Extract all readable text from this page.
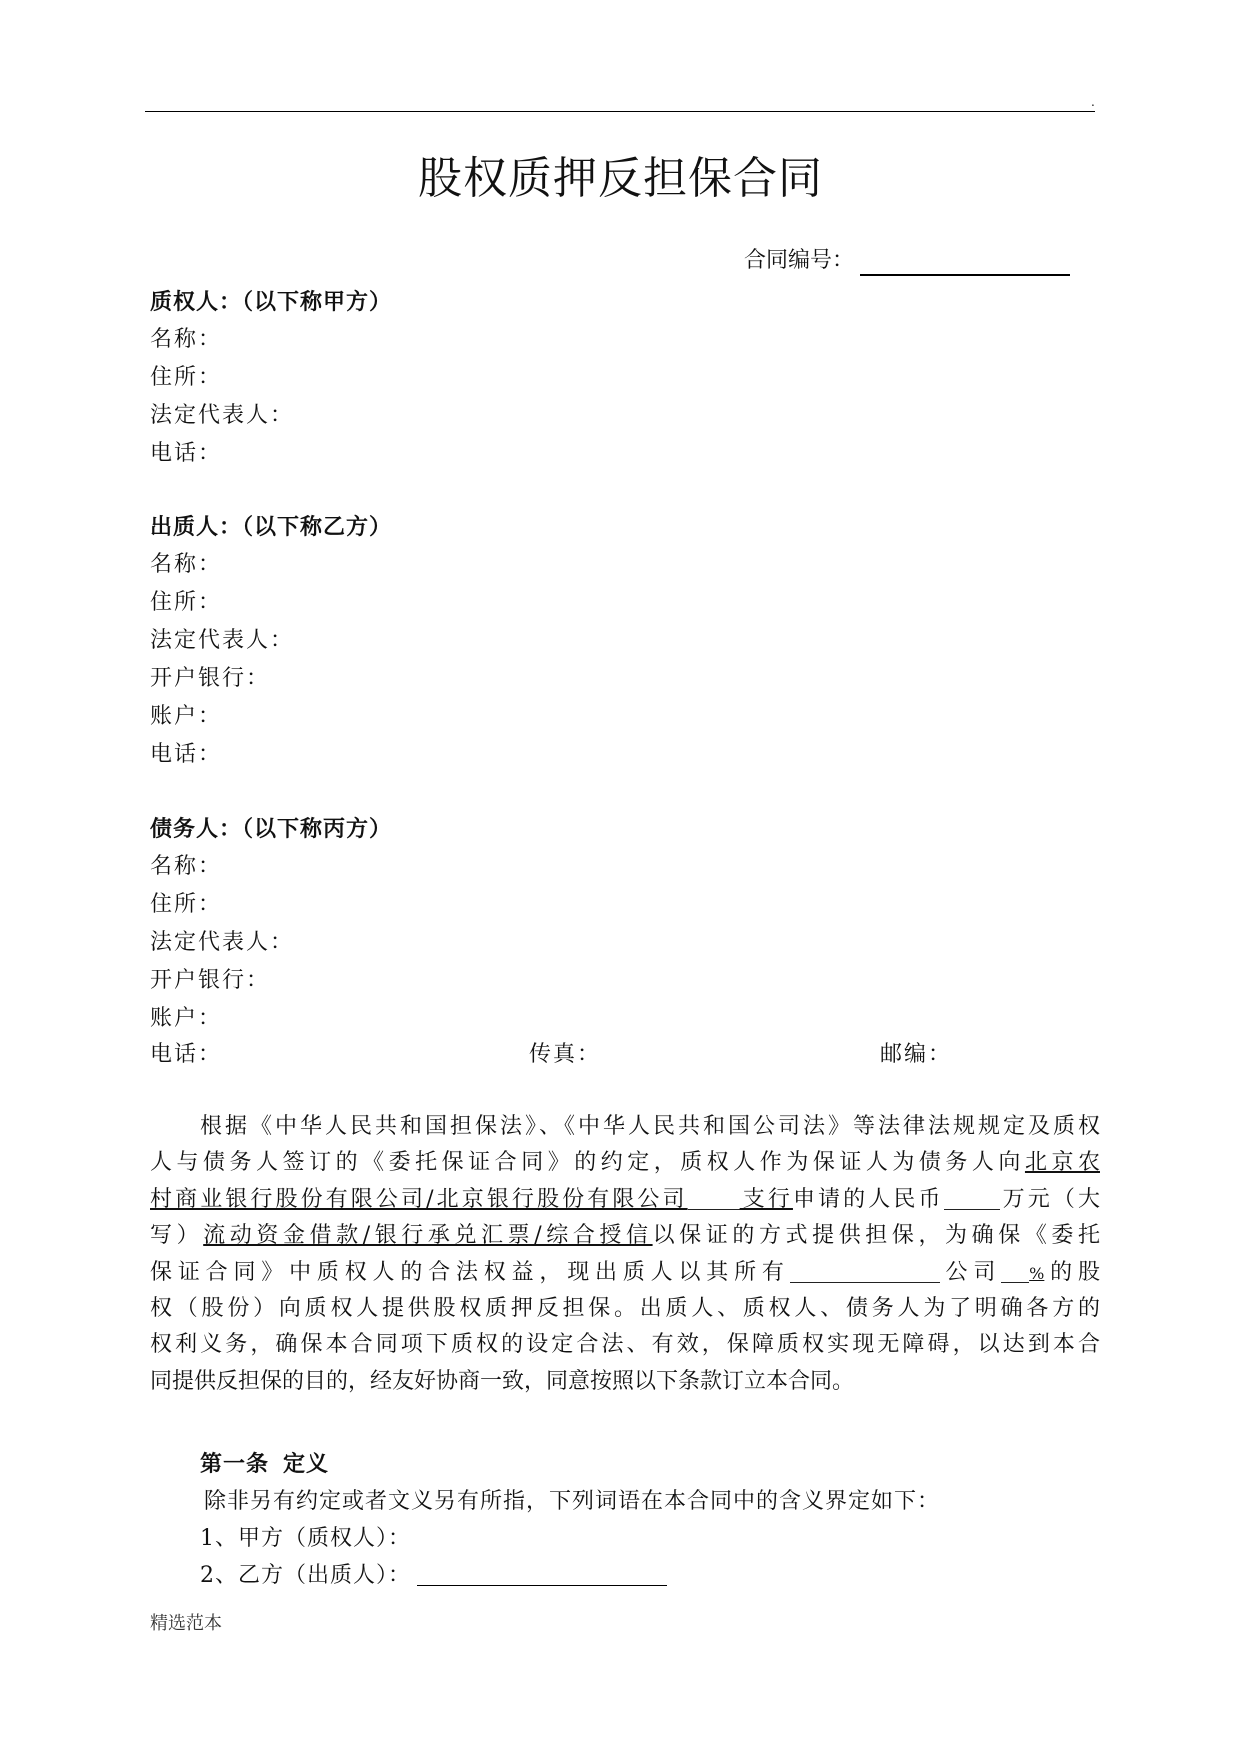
.
股权质押反担保合同
合同编号：
质权人：（以下称甲方）
名称：
住所：
法定代表人：
电话：
出质人：（以下称乙方）
名称：
住所：
法定代表人：
开户银行：
账户：
电话：
债务人：（以下称丙方）
名称：
住所：
法定代表人：
开户银行：
账户：
电话：	传真：	邮编：
根据《中华人民共和国担保法》、《中华人民共和国公司法》等法律法规规定及质权
人与债务人签订的《委托保证合同》的约定，质权人作为保证人为债务人向北京农
村商业银行股份有限公司/北京银行股份有限公司 支行申请的人民币	万元（大
写）流动资金借款/银行承兑汇票/综合授信以保证的方式提供担保，为确保《委托
保证合同》中质权人的合法权益，现出质人以其所有	公司 %的股
权（股份）向质权人提供股权质押反担保。出质人、质权人、债务人为了明确各方的
权利义务，确保本合同项下质权的设定合法、有效，保障质权实现无障碍，以达到本合
同提供反担保的目的，经友好协商一致，同意按照以下条款订立本合同。
第一条 定义
除非另有约定或者文义另有所指，下列词语在本合同中的含义界定如下：
1、甲方（质权人）：
2、乙方（出质人）：
精选范本
